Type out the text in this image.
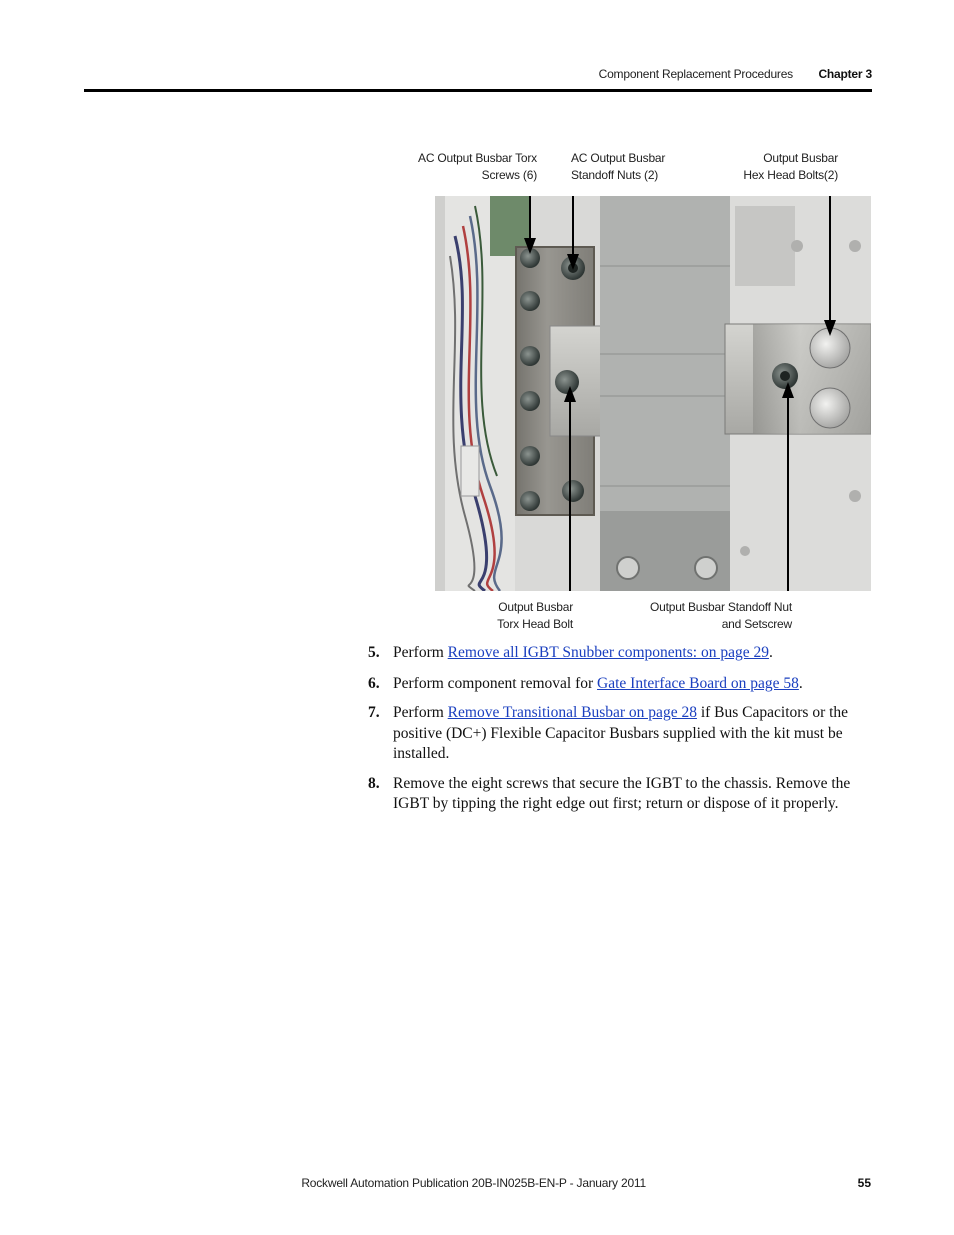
Component Replacement Procedures	Chapter 3
AC Output Busbar Torx
Screws (6)
AC Output Busbar
Standoff Nuts (2)
Output Busbar
Hex Head Bolts(2)
Output Busbar
Torx Head Bolt
Output Busbar Standoff Nut
and Setscrew
5. Perform Remove all IGBT Snubber components: on page 29.
6. Perform component removal for Gate Interface Board on page 58.
7. Perform Remove Transitional Busbar on page 28 if Bus Capacitors or the positive (DC+) Flexible Capacitor Busbars supplied with the kit must be installed.
8. Remove the eight screws that secure the IGBT to the chassis. Remove the IGBT by tipping the right edge out first; return or dispose of it properly.
Rockwell Automation Publication 20B-IN025B-EN-P - January 2011	55
